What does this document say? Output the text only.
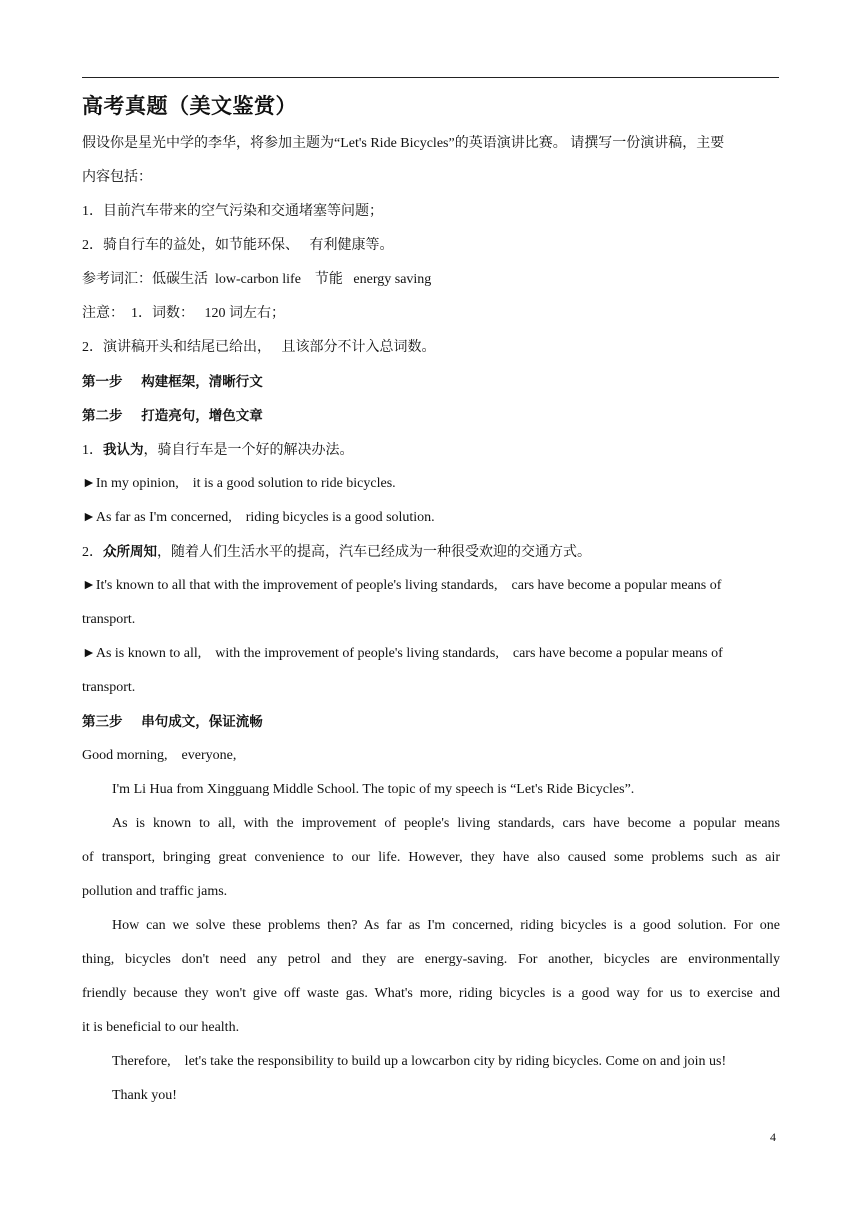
高考真题（美文鉴赏）
假设你是星光中学的李华，将参加主题为“Let's Ride Bicycles”的英语演讲比赛。 请撰写一份演讲稿，主要
内容包括：
1．目前汽车带来的空气污染和交通堵塞等问题；
2．骑自行车的益处，如节能环保、   有利健康等。
参考词汇：低碳生活  low-carbon life    节能   energy saving
注意：  1．词数：   120 词左右；
2．演讲稿开头和结尾已给出，   且该部分不计入总词数。
第一步    构建框架，清晰行文
第二步    打造亮句，增色文章
1．我认为，骑自行车是一个好的解决办法。
►In my opinion,    it is a good solution to ride bicycles.
►As far as I'm concerned,    riding bicycles is a good solution.
2．众所周知，随着人们生活水平的提高，汽车已经成为一种很受欢迎的交通方式。
►It's known to all that with the improvement of people's living standards,    cars have become a popular means of
transport.
►As is known to all,    with the improvement of people's living standards,    cars have become a popular means of
transport.
第三步    串句成文，保证流畅
Good morning,    everyone,
I'm Li Hua from Xingguang Middle School. The topic of my speech is “Let's Ride Bicycles”.
As is known to all, with the improvement of people's living standards, cars have become a popular means
of transport, bringing great convenience to our life. However, they have also caused some problems such as air
pollution and traffic jams.
How can we solve these problems then? As far as I'm concerned, riding bicycles is a good solution. For one
thing, bicycles don't need any petrol and they are energy-saving. For another, bicycles are environmentally
friendly because they won't give off waste gas. What's more, riding bicycles is a good way for us to exercise and
it is beneficial to our health.
Therefore,    let's take the responsibility to build up a lowcarbon city by riding bicycles. Come on and join us!
Thank you!
4
